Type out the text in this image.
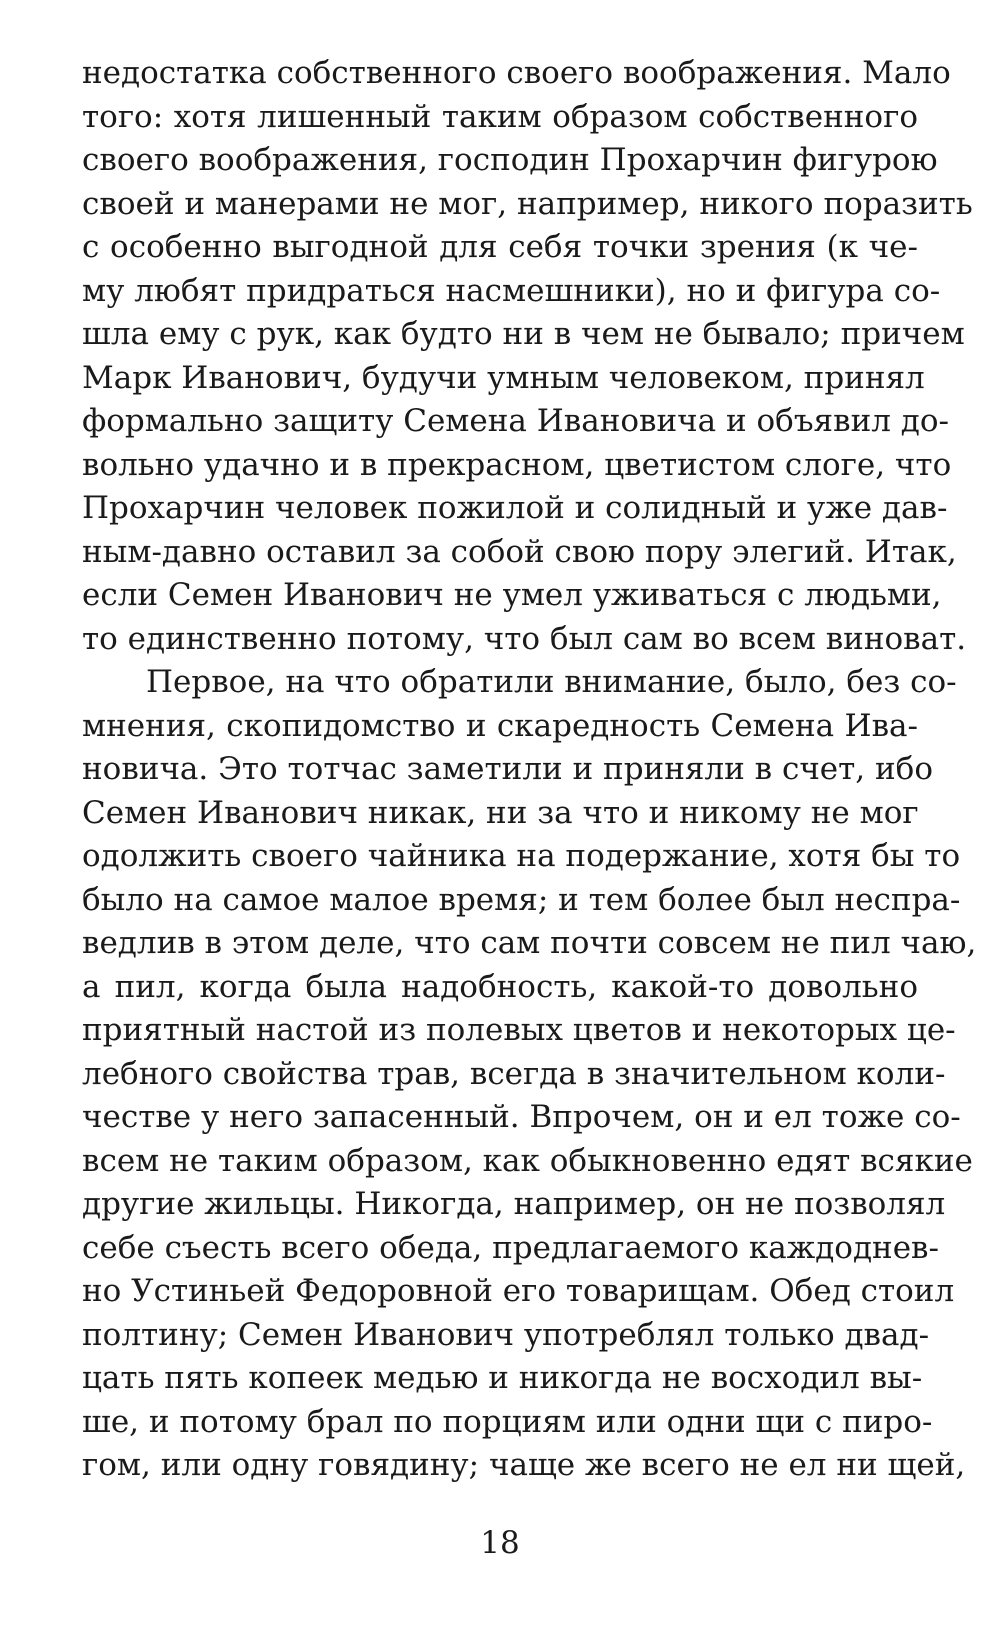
недостатка собственного своего воображения. Мало
того: хотя лишенный таким образом собственного
своего воображения, господин Прохарчин фигурою
своей и манерами не мог, например, никого поразить
с особенно выгодной для себя точки зрения (к че-
му любят придраться насмешники), но и фигура со-
шла ему с рук, как будто ни в чем не бывало; причем
Марк Иванович, будучи умным человеком, принял
формально защиту Семена Ивановича и объявил до-
вольно удачно и в прекрасном, цветистом слоге, что
Прохарчин человек пожилой и солидный и уже дав-
ным-давно оставил за собой свою пору элегий. Итак,
если Семен Иванович не умел уживаться с людьми,
то единственно потому, что был сам во всем виноват.
Первое, на что обратили внимание, было, без со-
мнения, скопидомство и скаредность Семена Ива-
новича. Это тотчас заметили и приняли в счет, ибо
Семен Иванович никак, ни за что и никому не мог
одолжить своего чайника на подержание, хотя бы то
было на самое малое время; и тем более был неспра-
ведлив в этом деле, что сам почти совсем не пил чаю,
а пил, когда была надобность, какой-то довольно
приятный настой из полевых цветов и некоторых це-
лебного свойства трав, всегда в значительном коли-
честве у него запасенный. Впрочем, он и ел тоже со-
всем не таким образом, как обыкновенно едят всякие
другие жильцы. Никогда, например, он не позволял
себе съесть всего обеда, предлагаемого каждоднев-
но Устиньей Федоровной его товарищам. Обед стоил
полтину; Семен Иванович употреблял только двад-
цать пять копеек медью и никогда не восходил вы-
ше, и потому брал по порциям или одни щи с пиро-
гом, или одну говядину; чаще же всего не ел ни щей,
18
